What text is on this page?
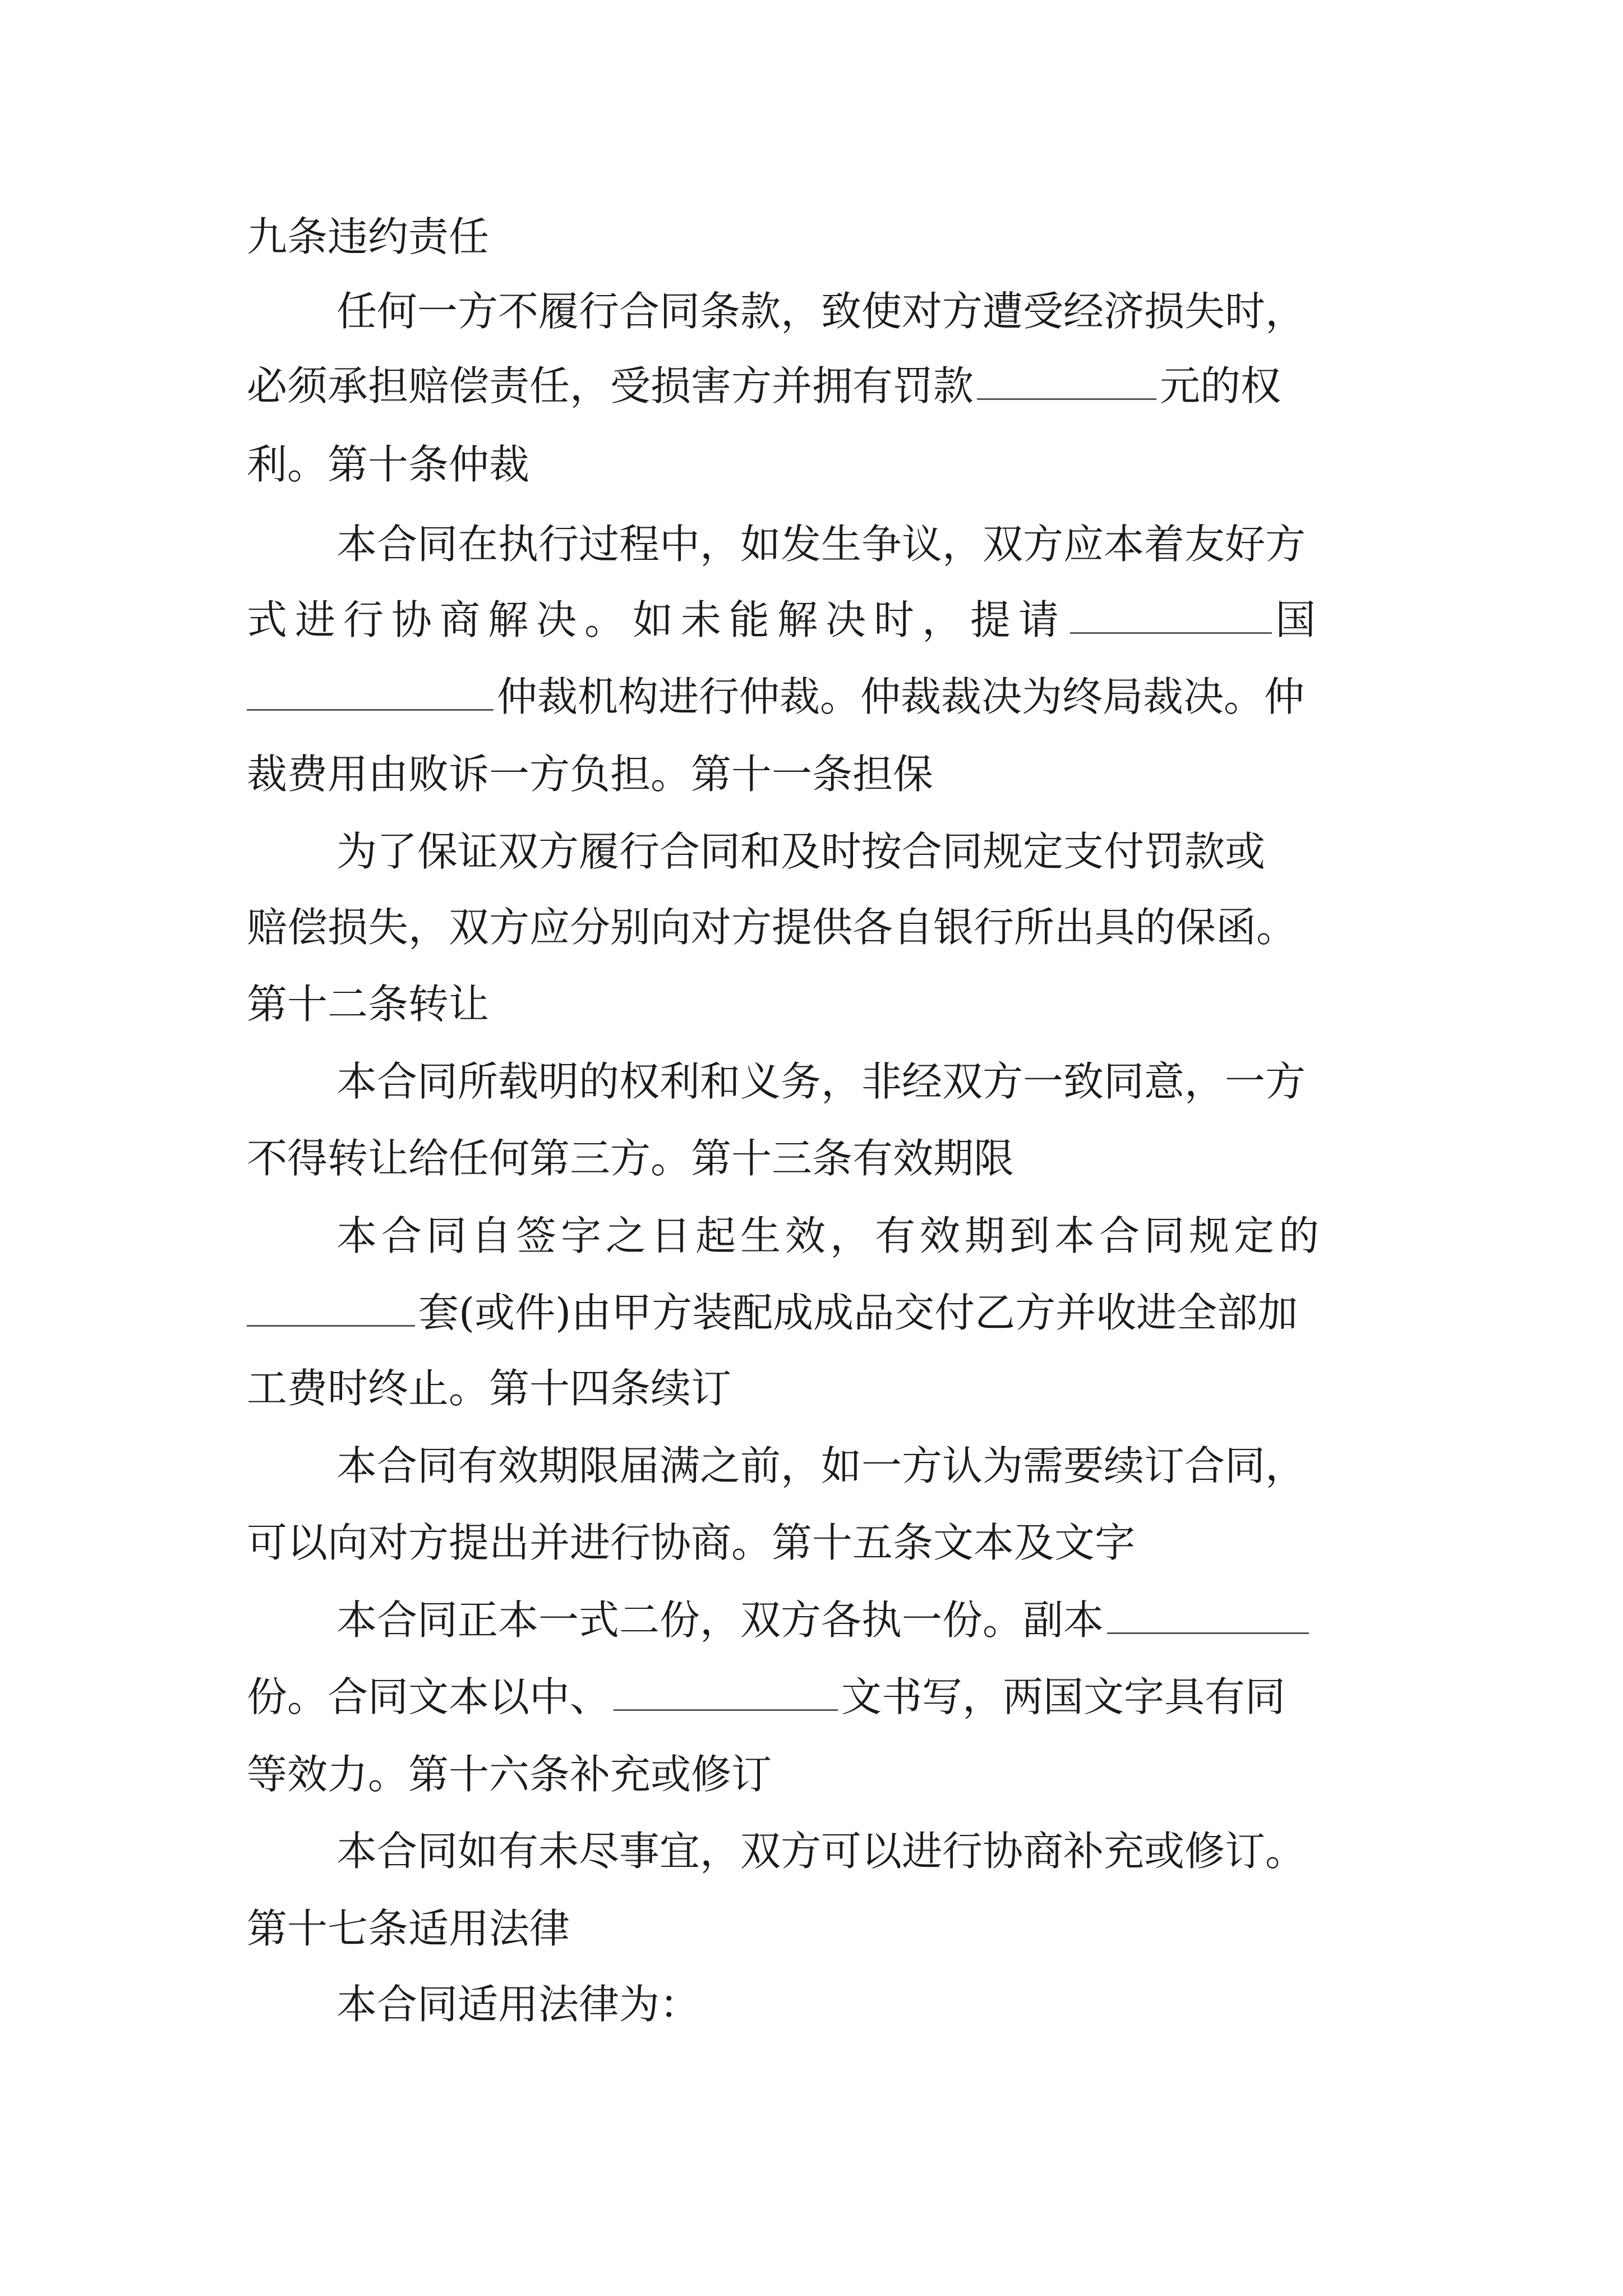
九条违约责任
任何一方不履行合同条款，致使对方遭受经济损失时，
必须承担赔偿责任，受损害方并拥有罚款	元的权
利。第十条仲裁
本合同在执行过程中，如发生争议，双方应本着友好方
式进行协商解决。如未能解决时，提请	国
仲裁机构进行仲裁。仲裁裁决为终局裁决。仲
裁费用由败诉一方负担。第十一条担保
为了保证双方履行合同和及时按合同规定支付罚款或
赔偿损失，双方应分别向对方提供各自银行所出具的保函。
第十二条转让
本合同所载明的权利和义务，非经双方一致同意，一方
不得转让给任何第三方。第十三条有效期限
本合同自签字之日起生效，有效期到本合同规定的
套(或件)由甲方装配成成品交付乙方并收进全部加
工费时终止。第十四条续订
本合同有效期限届满之前，如一方认为需要续订合同，
可以向对方提出并进行协商。第十五条文本及文字
本合同正本一式二份，双方各执一份。副本
份。合同文本以中、	文书写，两国文字具有同
等效力。第十六条补充或修订
本合同如有未尽事宜，双方可以进行协商补充或修订。
第十七条适用法律
本合同适用法律为：
